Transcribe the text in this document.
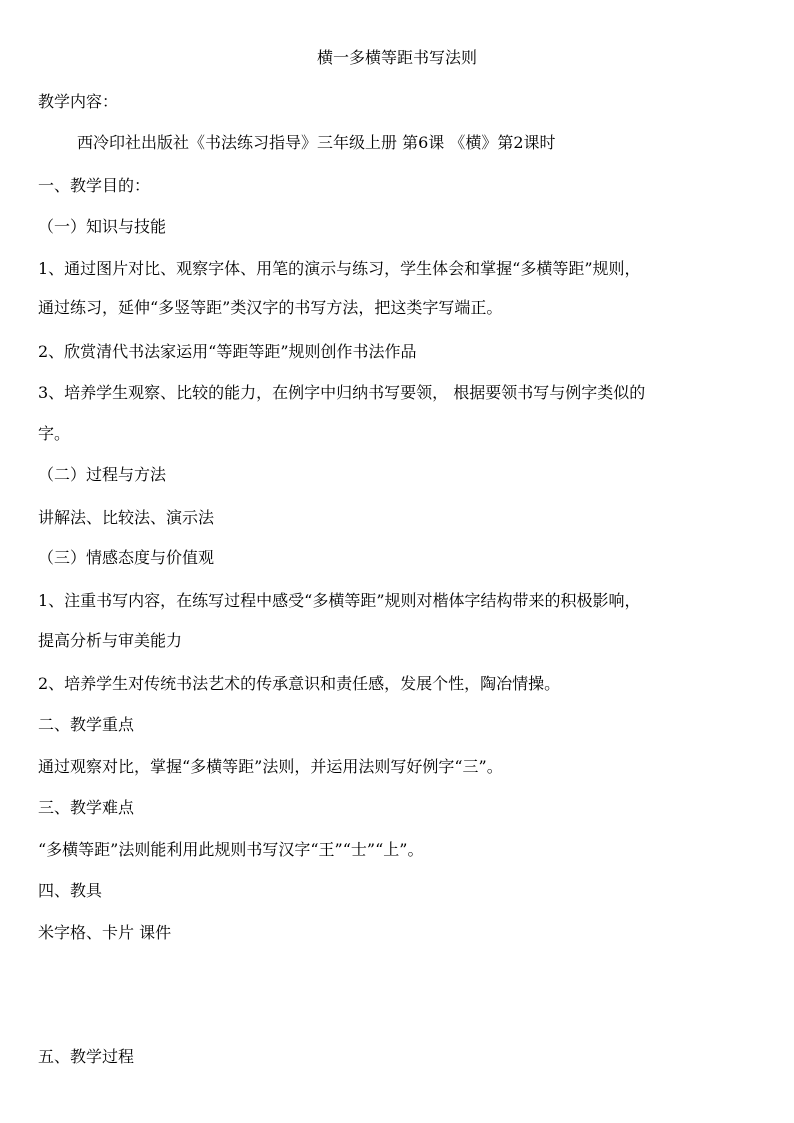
横一多横等距书写法则
教学内容：
西冷印社出版社《书法练习指导》三年级上册 第6课 《横》第2课时
一、教学目的：
（一）知识与技能
1、通过图片对比、观察字体、用笔的演示与练习，学生体会和掌握“多横等距”规则，
通过练习，延伸“多竖等距”类汉字的书写方法，把这类字写端正。
2、欣赏清代书法家运用“等距等距”规则创作书法作品
3、培养学生观察、比较的能力，在例字中归纳书写要领， 根据要领书写与例字类似的
字。
（二）过程与方法
讲解法、比较法、演示法
（三）情感态度与价值观
1、注重书写内容，在练写过程中感受“多横等距”规则对楷体字结构带来的积极影响，
提高分析与审美能力
2、培养学生对传统书法艺术的传承意识和责任感，发展个性，陶冶情操。
二、教学重点
通过观察对比，掌握“多横等距”法则，并运用法则写好例字“三”。
三、教学难点
“多横等距”法则能利用此规则书写汉字“王”“士”“上”。
四、教具
米字格、卡片 课件
五、教学过程
